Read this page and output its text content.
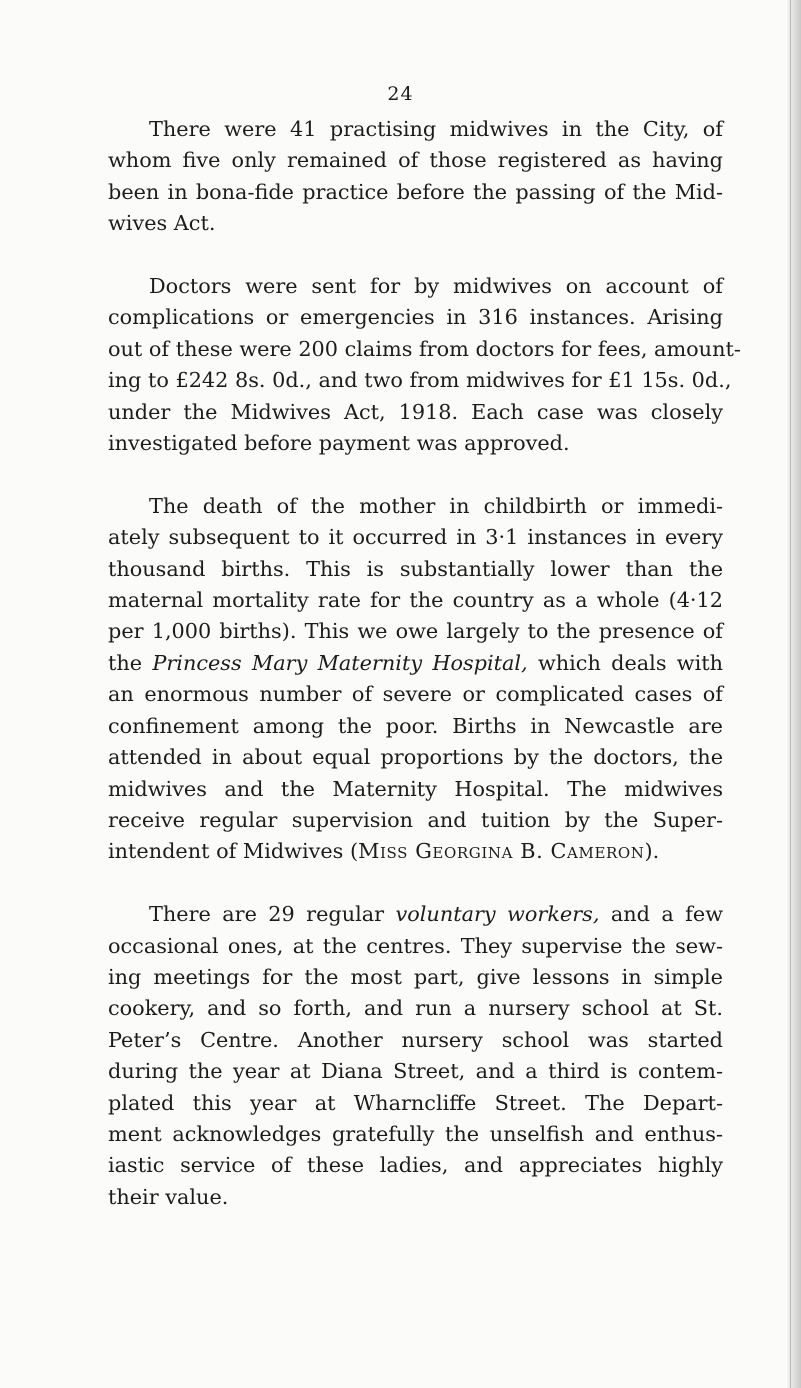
24
There were 41 practising midwives in the City, of
whom five only remained of those registered as having
been in bona-fide practice before the passing of the Mid-
wives Act.
Doctors were sent for by midwives on account of
complications or emergencies in 316 instances. Arising
out of these were 200 claims from doctors for fees, amount-
ing to £242 8s. 0d., and two from midwives for £1 15s. 0d.,
under the Midwives Act, 1918. Each case was closely
investigated before payment was approved.
The death of the mother in childbirth or immedi-
ately subsequent to it occurred in 3·1 instances in every
thousand births. This is substantially lower than the
maternal mortality rate for the country as a whole (4·12
per 1,000 births). This we owe largely to the presence of
the Princess Mary Maternity Hospital, which deals with
an enormous number of severe or complicated cases of
confinement among the poor. Births in Newcastle are
attended in about equal proportions by the doctors, the
midwives and the Maternity Hospital. The midwives
receive regular supervision and tuition by the Super-
intendent of Midwives (Miss Georgina B. Cameron).
There are 29 regular voluntary workers, and a few
occasional ones, at the centres. They supervise the sew-
ing meetings for the most part, give lessons in simple
cookery, and so forth, and run a nursery school at St.
Peter’s Centre. Another nursery school was started
during the year at Diana Street, and a third is contem-
plated this year at Wharncliffe Street. The Depart-
ment acknowledges gratefully the unselfish and enthus-
iastic service of these ladies, and appreciates highly
their value.
